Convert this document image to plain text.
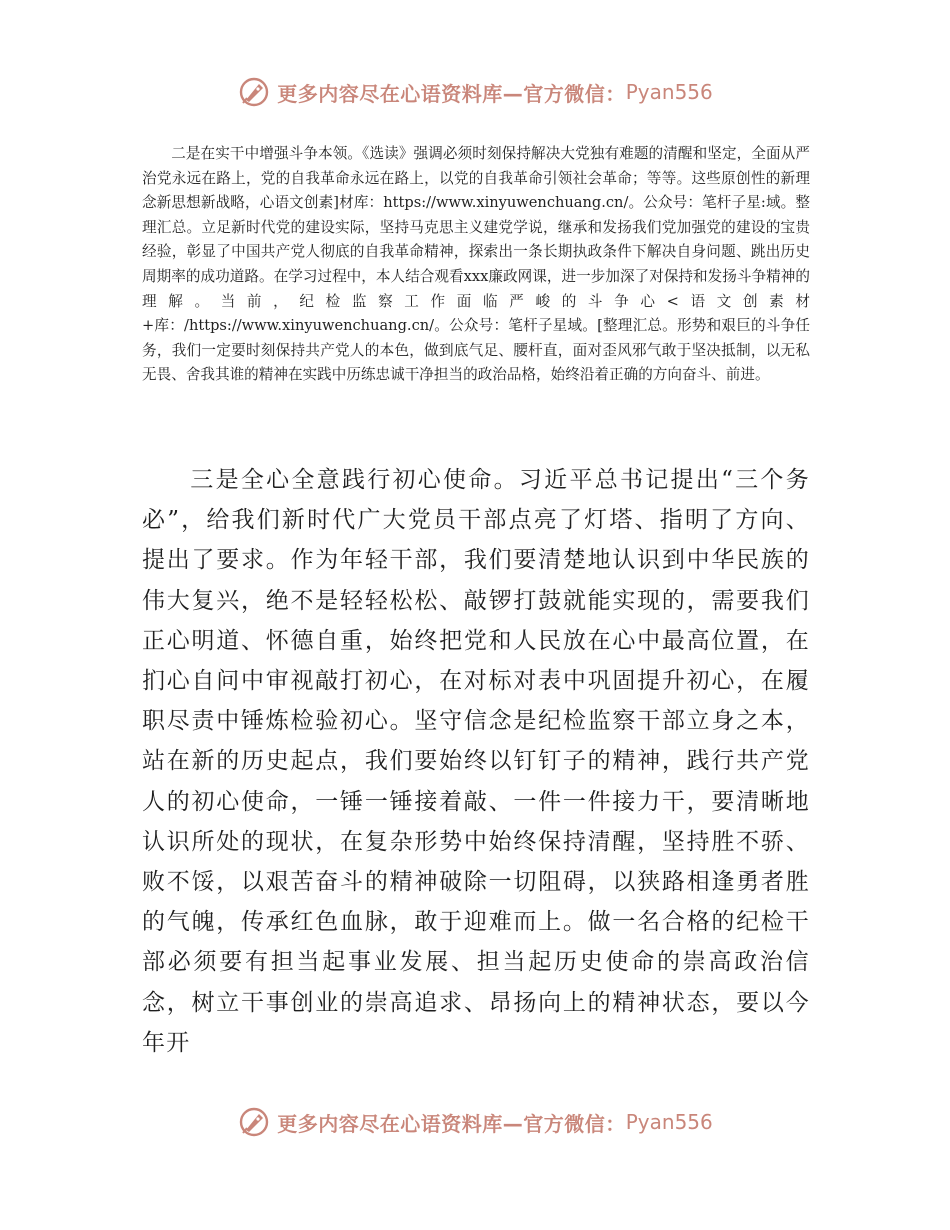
更多内容尽在心语资料库—官方微信： Pyan556

二是在实干中增强斗争本领。《选读》强调必须时刻保持解决大党独有难题的清醒和坚定，全面从严治党永远在路上，党的自我革命永远在路上，以党的自我革命引领社会革命；等等。这些原创性的新理念新思想新战略，心语文创素]材库：https://www.xinyuwenchuang.cn/。公众号：笔杆子星:域。整理汇总。立足新时代党的建设实际，坚持马克思主义建党学说，继承和发扬我们党加强党的建设的宝贵经验，彰显了中国共产党人彻底的自我革命精神，探索出一条长期执政条件下解决自身问题、跳出历史周期率的成功道路。在学习过程中，本人结合观看xxx廉政网课，进一步加深了对保持和发扬斗争精神的理解。当前，纪检监察工作面临严峻的斗争心<语文创素材+库：/https://www.xinyuwenchuang.cn/。公众号：笔杆子星域。[整理汇总。形势和艰巨的斗争任务，我们一定要时刻保持共产党人的本色，做到底气足、腰杆直，面对歪风邪气敢于坚决抵制，以无私无畏、舍我其谁的精神在实践中历练忠诚干净担当的政治品格，始终沿着正确的方向奋斗、前进。

三是全心全意践行初心使命。习近平总书记提出“三个务必”，给我们新时代广大党员干部点亮了灯塔、指明了方向、提出了要求。作为年轻干部，我们要清楚地认识到中华民族的伟大复兴，绝不是轻轻松松、敲锣打鼓就能实现的，需要我们正心明道、怀德自重，始终把党和人民放在心中最高位置，在扪心自问中审视敲打初心，在对标对表中巩固提升初心，在履职尽责中锤炼检验初心。坚守信念是纪检监察干部立身之本，站在新的历史起点，我们要始终以钉钉子的精神，践行共产党人的初心使命，一锤一锤接着敲、一件一件接力干，要清晰地认识所处的现状，在复杂形势中始终保持清醒，坚持胜不骄、败不馁，以艰苦奋斗的精神破除一切阻碍，以狭路相逢勇者胜的气魄，传承红色血脉，敢于迎难而上。做一名合格的纪检干部必须要有担当起事业发展、担当起历史使命的崇高政治信念，树立干事创业的崇高追求、昂扬向上的精神状态，要以今年开

更多内容尽在心语资料库—官方微信： Pyan556
